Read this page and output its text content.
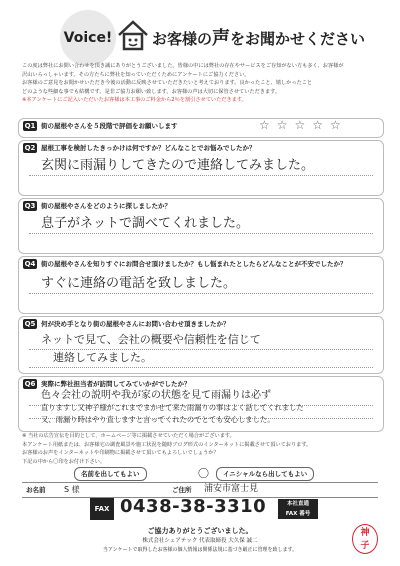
Voice!	お客様の声をお聞かせください
この度は弊社にお問い合わせを頂き誠にありがとうございました。皆様の中には弊社の存在やサービスをご存知がない方も多く、お客様が
沢山いらっしゃいます。その方たちに弊社を知っていただくためにアンケートにご協力ください。
お客様のご意見をお聞かせいただき今後の活動に反映させていただきたいと考えております。良かったこと、嬉しかったこと
どのような些細な事でも結構です。是非ご協力お願い致します。お客様の声は大切に保管させていただきます。
※本アンケートにご記入いただいたお客様は本工事のご料金から2％を割引させていただきます。
Q1 街の屋根やさんを５段階で評価をお願いします	☆☆☆☆☆
Q2 屋根工事を検討したきっかけは何ですか？どんなことでお悩みでしたか？
玄関に雨漏りしてきたので連絡してみました。
Q3 街の屋根やさんをどのように探しましたか？
息子がネットで調べてくれました。
Q4 街の屋根やさんを知りすぐにお問合せ頂けましたか？もし悩まれたとしたらどんなことが不安でしたか？
すぐに連絡の電話を致しました。
Q5 何が決め手となり街の屋根やさんにお問い合わせ頂きましたか？
ネットで見て、会社の概要や信頼性を信じて
連絡してみました。
Q6 実際に弊社担当者が訪問してみていかがでしたか？
色々会社の説明や我が家の状態を見て雨漏りは必ず
直りますし又神子様がこれまでまかせて来た雨漏りの事はよく話してくれました
又、雨漏り時はやり直しますと言ってくれたのでとても安心しました。
※ 当社の広告宣伝を目的として、ホームページ等に掲載させていただく場合がございます。
本アンケート用紙または、お客様宅の調査風景や施工状況を随時ブログ形式のインターネットに掲載させて頂いております。
お客様のお声をインターネットや印刷物に掲載させて頂いてもよろしいでしょうか？
下記の中から〇印をお付け下さい。
名前を出してもよい	〇	イニシャルなら出してもよい
お名前 S 様	ご住所 浦安市富士見
FAX 0438-38-3310	本社直通
FAX 番号
ご協力ありがとうございました。
株式会社シェアテック 代表取締役 大久保 誠二
当アンケートで取得したお客様の個人情報は関係法規に基づき厳正に管理を致します。
神
子
